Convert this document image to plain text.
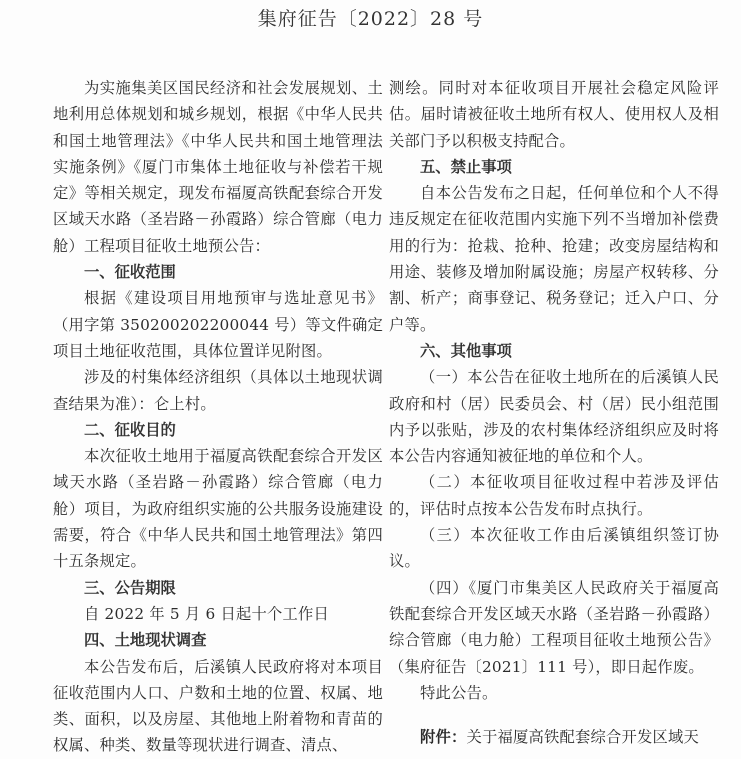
集府征告〔2022〕28 号

为实施集美区国民经济和社会发展规划、土地利用总体规划和城乡规划，根据《中华人民共和国土地管理法》《中华人民共和国土地管理法实施条例》《厦门市集体土地征收与补偿若干规定》等相关规定，现发布福厦高铁配套综合开发区域天水路（圣岩路－孙霞路）综合管廊（电力舱）工程项目征收土地预公告：

一、征收范围

根据《建设项目用地预审与选址意见书》（用字第 350200202200044 号）等文件确定项目土地征收范围，具体位置详见附图。

涉及的村集体经济组织（具体以土地现状调查结果为准）：仑上村。

二、征收目的

本次征收土地用于福厦高铁配套综合开发区域天水路（圣岩路－孙霞路）综合管廊（电力舱）项目，为政府组织实施的公共服务设施建设需要，符合《中华人民共和国土地管理法》第四十五条规定。

三、公告期限

自 2022 年 5 月 6 日起十个工作日

四、土地现状调查

本公告发布后，后溪镇人民政府将对本项目征收范围内人口、户数和土地的位置、权属、地类、面积，以及房屋、其他地上附着物和青苗的权属、种类、数量等现状进行调查、清点、

测绘。同时对本征收项目开展社会稳定风险评估。届时请被征收土地所有权人、使用权人及相关部门予以积极支持配合。

五、禁止事项

自本公告发布之日起，任何单位和个人不得违反规定在征收范围内实施下列不当增加补偿费用的行为：抢栽、抢种、抢建；改变房屋结构和用途、装修及增加附属设施；房屋产权转移、分割、析产；商事登记、税务登记；迁入户口、分户等。

六、其他事项

（一）本公告在征收土地所在的后溪镇人民政府和村（居）民委员会、村（居）民小组范围内予以张贴，涉及的农村集体经济组织应及时将本公告内容通知被征地的单位和个人。

（二）本征收项目征收过程中若涉及评估的，评估时点按本公告发布时点执行。

（三）本次征收工作由后溪镇组织签订协议。

（四）《厦门市集美区人民政府关于福厦高铁配套综合开发区域天水路（圣岩路－孙霞路）综合管廊（电力舱）工程项目征收土地预公告》（集府征告〔2021〕111 号），即日起作废。

特此公告。

附件：关于福厦高铁配套综合开发区域天
